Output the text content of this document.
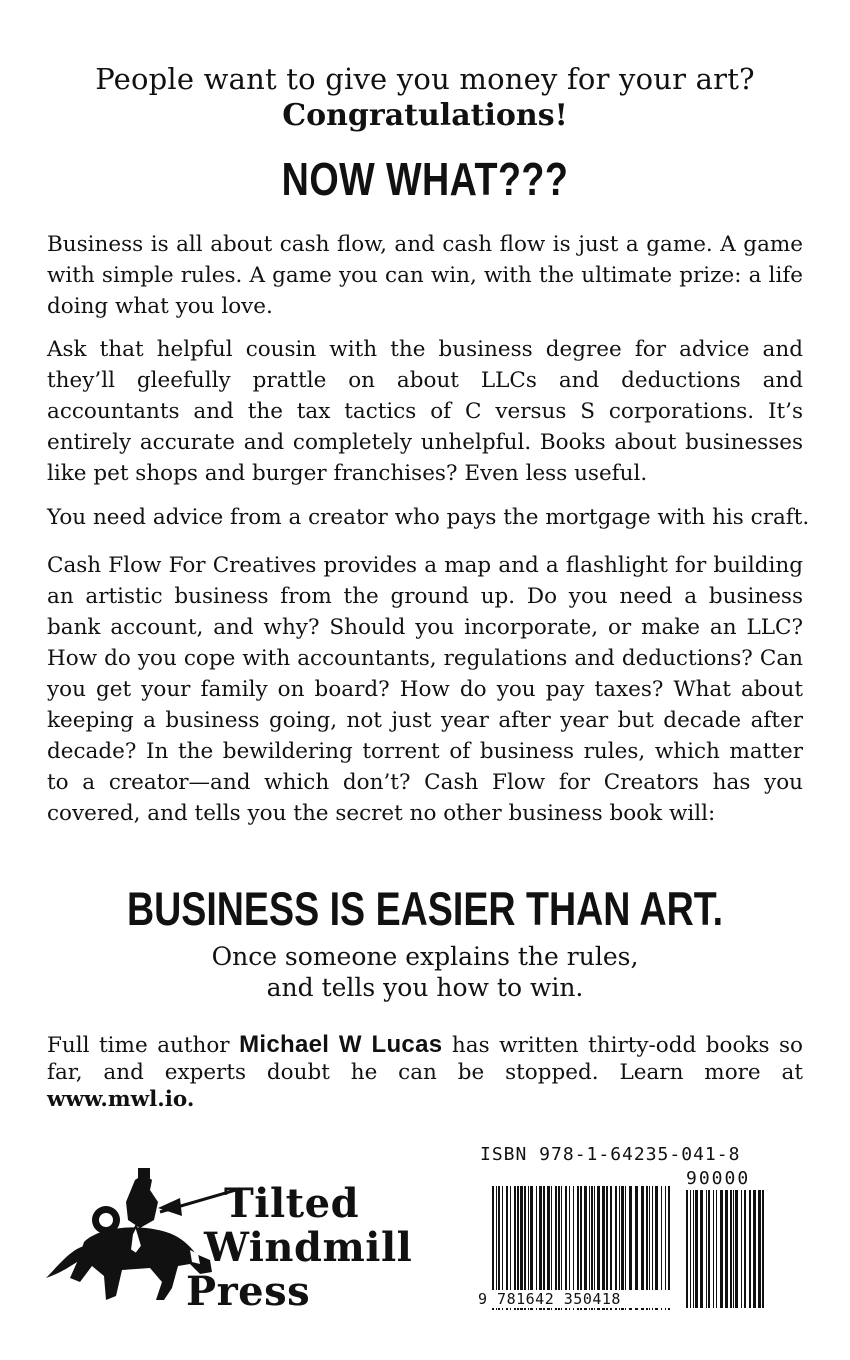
People want to give you money for your art?
Congratulations!
NOW WHAT???
Business is all about cash flow, and cash flow is just a game. A game with simple rules. A game you can win, with the ultimate prize: a life doing what you love.
Ask that helpful cousin with the business degree for advice and they’ll gleefully prattle on about LLCs and deductions and accountants and the tax tactics of C versus S corporations. It’s entirely accurate and completely unhelpful. Books about businesses like pet shops and burger franchises? Even less useful.
You need advice from a creator who pays the mortgage with his craft.
Cash Flow For Creatives provides a map and a flashlight for building an artistic business from the ground up. Do you need a business bank account, and why? Should you incorporate, or make an LLC? How do you cope with accountants, regulations and deductions? Can you get your family on board? How do you pay taxes? What about keeping a business going, not just year after year but decade after decade? In the bewildering torrent of business rules, which matter to a creator—and which don’t? Cash Flow for Creators has you covered, and tells you the secret no other business book will:
BUSINESS IS EASIER THAN ART.
Once someone explains the rules,
and tells you how to win.
Full time author Michael W Lucas has written thirty-odd books so far, and experts doubt he can be stopped. Learn more at www.mwl.io.
Tilted
Windmill
Press
ISBN 978-1-64235-041-8
90000
9 781642 350418
